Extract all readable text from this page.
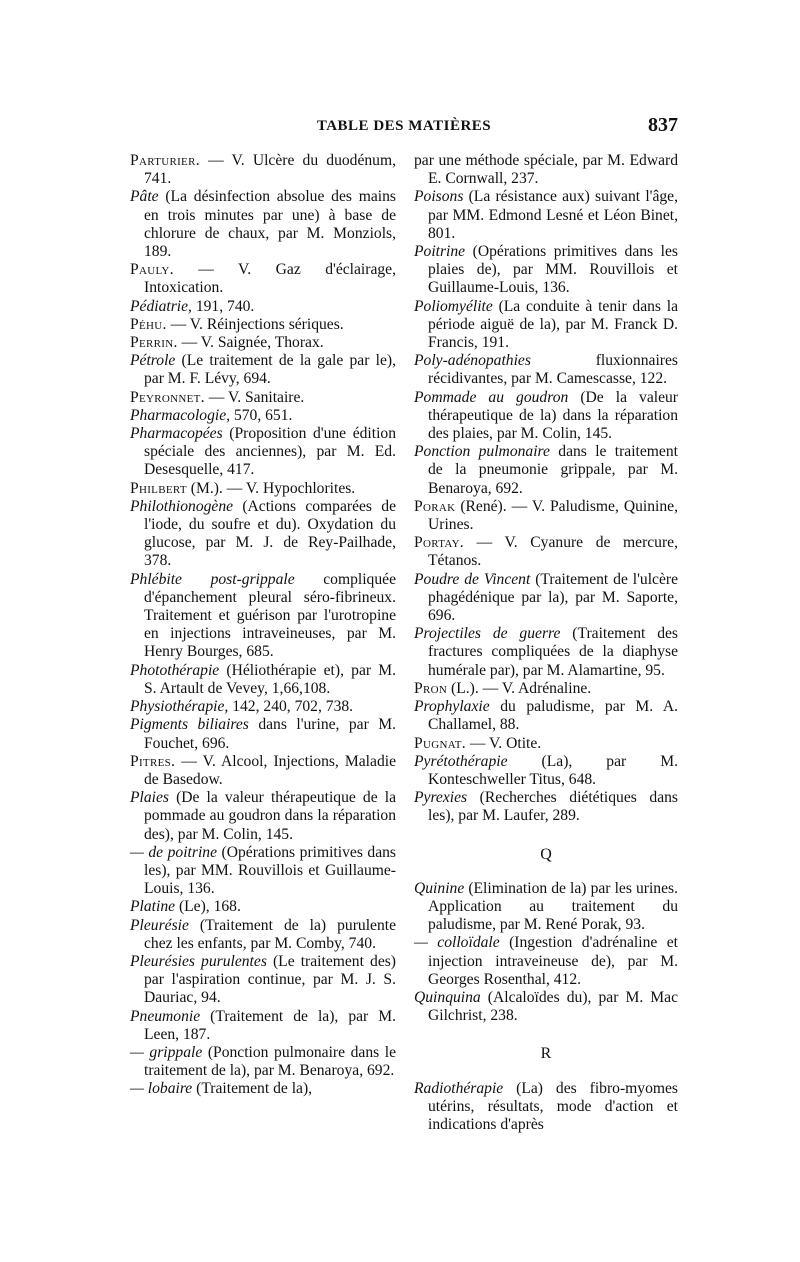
TABLE DES MATIÈRES	837

Parturier. — V. Ulcère du duodénum, 741.

Pâte (La désinfection absolue des mains en trois minutes par une) à base de chlorure de chaux, par M. Monziols, 189.

Pauly. — V. Gaz d'éclairage, Intoxication.

Pédiatrie, 191, 740.

Péhu. — V. Réinjections sériques.

Perrin. — V. Saignée, Thorax.

Pétrole (Le traitement de la gale par le), par M. F. Lévy, 694.

Peyronnet. — V. Sanitaire.

Pharmacologie, 570, 651.

Pharmacopées (Proposition d'une édition spéciale des anciennes), par M. Ed. Desesquelle, 417.

Philbert (M.). — V. Hypochlorites.

Philothionogène (Actions comparées de l'iode, du soufre et du). Oxydation du glucose, par M. J. de Rey-Pailhade, 378.

Phlébite post-grippale compliquée d'épanchement pleural séro-fibrineux. Traitement et guérison par l'urotropine en injections intraveineuses, par M. Henry Bourges, 685.

Photothérapie (Héliothérapie et), par M. S. Artault de Vevey, 1,66,108.

Physiothérapie, 142, 240, 702, 738.

Pigments biliaires dans l'urine, par M. Fouchet, 696.

Pitres. — V. Alcool, Injections, Maladie de Basedow.

Plaies (De la valeur thérapeutique de la pommade au goudron dans la réparation des), par M. Colin, 145.

— de poitrine (Opérations primitives dans les), par MM. Rouvillois et Guillaume-Louis, 136.

Platine (Le), 168.

Pleurésie (Traitement de la) purulente chez les enfants, par M. Comby, 740.

Pleurésies purulentes (Le traitement des) par l'aspiration continue, par M. J. S. Dauriac, 94.

Pneumonie (Traitement de la), par M. Leen, 187.

— grippale (Ponction pulmonaire dans le traitement de la), par M. Benaroya, 692.

— lobaire (Traitement de la),

par une méthode spéciale, par M. Edward E. Cornwall, 237.

Poisons (La résistance aux) suivant l'âge, par MM. Edmond Lesné et Léon Binet, 801.

Poitrine (Opérations primitives dans les plaies de), par MM. Rouvillois et Guillaume-Louis, 136.

Poliomyélite (La conduite à tenir dans la période aiguë de la), par M. Franck D. Francis, 191.

Poly-adénopathies fluxionnaires récidivantes, par M. Camescasse, 122.

Pommade au goudron (De la valeur thérapeutique de la) dans la réparation des plaies, par M. Colin, 145.

Ponction pulmonaire dans le traitement de la pneumonie grippale, par M. Benaroya, 692.

Porak (René). — V. Paludisme, Quinine, Urines.

Portay. — V. Cyanure de mercure, Tétanos.

Poudre de Vincent (Traitement de l'ulcère phagédénique par la), par M. Saporte, 696.

Projectiles de guerre (Traitement des fractures compliquées de la diaphyse humérale par), par M. Alamartine, 95.

Pron (L.). — V. Adrénaline.

Prophylaxie du paludisme, par M. A. Challamel, 88.

Pugnat. — V. Otite.

Pyrétothérapie (La), par M. Konteschweller Titus, 648.

Pyrexies (Recherches diététiques dans les), par M. Laufer, 289.

Q

Quinine (Elimination de la) par les urines. Application au traitement du paludisme, par M. René Porak, 93.

— colloïdale (Ingestion d'adrénaline et injection intraveineuse de), par M. Georges Rosenthal, 412.

Quinquina (Alcaloïdes du), par M. Mac Gilchrist, 238.

R

Radiothérapie (La) des fibro-myomes utérins, résultats, mode d'action et indications d'après
